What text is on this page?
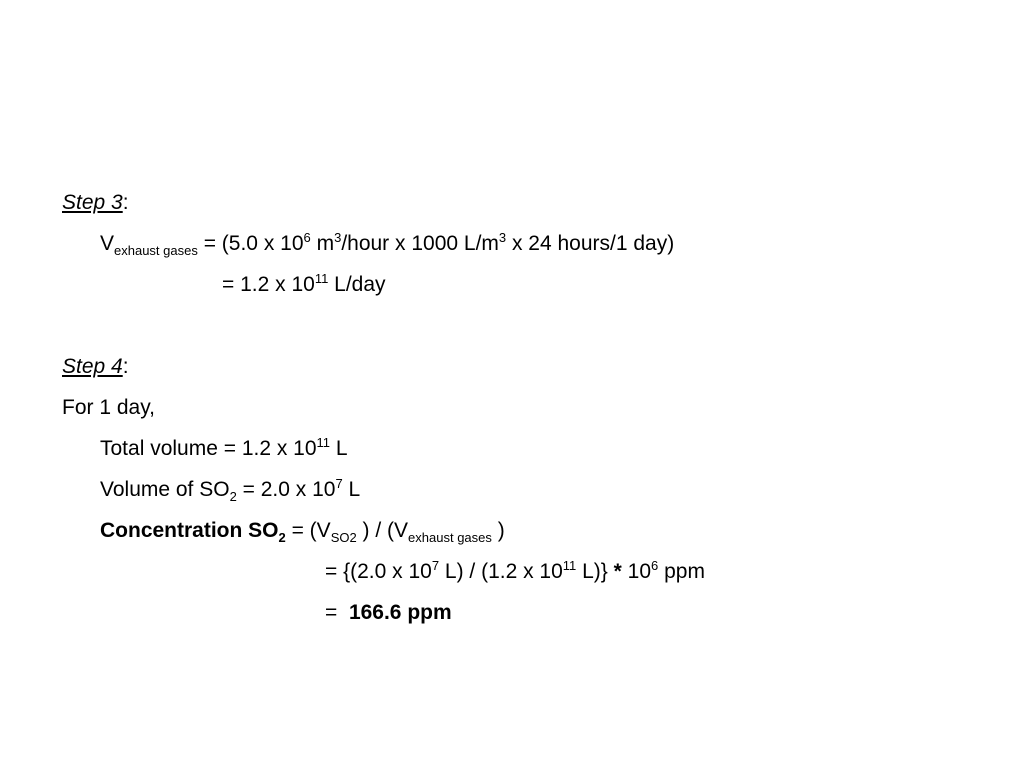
Step 3:
$V_{exhaust gases} = (5.0$ x $10^6$ $m^3$/hour x 1000 $L/m^3$ x 24 hours/1 day)
= 1.2 x $10^{11}$ L/day
Step 4:
For 1 day,
Total volume = 1.2 x $10^{11}$ L
Volume of $SO_2 = 2.0$ x $10^7$ L
Concentration $SO_2 = (V_{SO2}$ ) / ($V_{exhaust gases}$ )
= {(2.0 x $10^7$ L) / (1.2 x $10^{11}$ $L)\} * 10^6$ ppm
=  166.6 ppm
